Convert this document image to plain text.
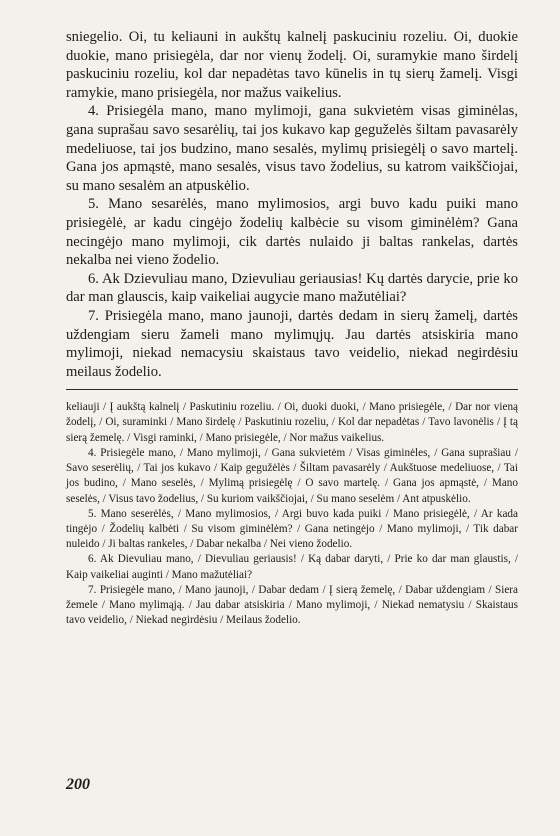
sniegelio. Oi, tu keliauni in aukštų kalnelį paskuciniu rozeliu. Oi, duokie duokie, mano prisiegėla, dar nor vienų žodelį. Oi, suramykie mano širdelį paskuciniu rozeliu, kol dar nepadėtas tavo kūnelis in tų sierų žamelį. Visgi ramykie, mano prisiegėla, nor mažus vaikelius.

4. Prisiegėla mano, mano mylimoji, gana sukvietėm visas giminėlas, gana suprašau savo sesarėlių, tai jos kukavo kap geguželės šiltam pavasarėly medeliuose, tai jos budzino, mano sesalės, mylimų prisiegėlį o savo martelį. Gana jos apmąstė, mano sesalės, visus tavo žodelius, su katrom vaikščiojai, su mano sesalėm an atpuskėlio.

5. Mano sesarėlės, mano mylimosios, argi buvo kadu puiki mano prisiegėlė, ar kadu cingėjo žodelių kalbėcie su visom giminėlėm? Gana necingėjo mano mylimoji, cik dartės nulaido ji baltas rankelas, dartės nekalba nei vieno žodelio.

6. Ak Dzievuliau mano, Dzievuliau geriausias! Kų dartės darycie, prie ko dar man glauscis, kaip vaikeliai augycie mano mažutėliai?

7. Prisiegėla mano, mano jaunoji, dartės dedam in sierų žamelį, dartės uždengiam sieru žameli mano mylimųjų. Jau dartės atsiskiria mano mylimoji, niekad nemacysiu skaistaus tavo veidelio, niekad negirdėsiu meilaus žodelio.

keliauji / Į aukštą kalnelį / Paskutiniu rozeliu. / Oi, duoki duoki, / Mano prisiegėle, / Dar nor vieną žodelį, / Oi, suraminki / Mano širdelę / Paskutiniu rozeliu, / Kol dar nepadėtas / Tavo lavonėlis / Į tą sierą žemelę. / Visgi raminki, / Mano prisiegėle, / Nor mažus vaikelius.

4. Prisiegėle mano, / Mano mylimoji, / Gana sukvietėm / Visas giminėles, / Gana suprašiau / Savo seserėlių, / Tai jos kukavo / Kaip gegužėlės / Šiltam pavasarėly / Aukštuose medeliuose, / Tai jos budino, / Mano seselės, / Mylimą prisiegėlę / O savo martelę. / Gana jos apmąstė, / Mano seselės, / Visus tavo žodelius, / Su kuriom vaikščiojai, / Su mano seselėm / Ant atpuskėlio.

5. Mano seserėlės, / Mano mylimosios, / Argi buvo kada puiki / Mano prisiegėlė, / Ar kada tingėjo / Žodelių kalbėti / Su visom giminėlėm? / Gana netingėjo / Mano mylimoji, / Tik dabar nuleido / Ji baltas rankeles, / Dabar nekalba / Nei vieno žodelio.

6. Ak Dievuliau mano, / Dievuliau geriausis! / Ką dabar daryti, / Prie ko dar man glaustis, / Kaip vaikeliai auginti / Mano mažutėliai?

7. Prisiegėle mano, / Mano jaunoji, / Dabar dedam / Į sierą žemelę, / Dabar uždengiam / Siera žemele / Mano mylimąją. / Jau dabar atsiskiria / Mano mylimoji, / Niekad nematysiu / Skaistaus tavo veidelio, / Niekad negirdėsiu / Meilaus žodelio.

200
